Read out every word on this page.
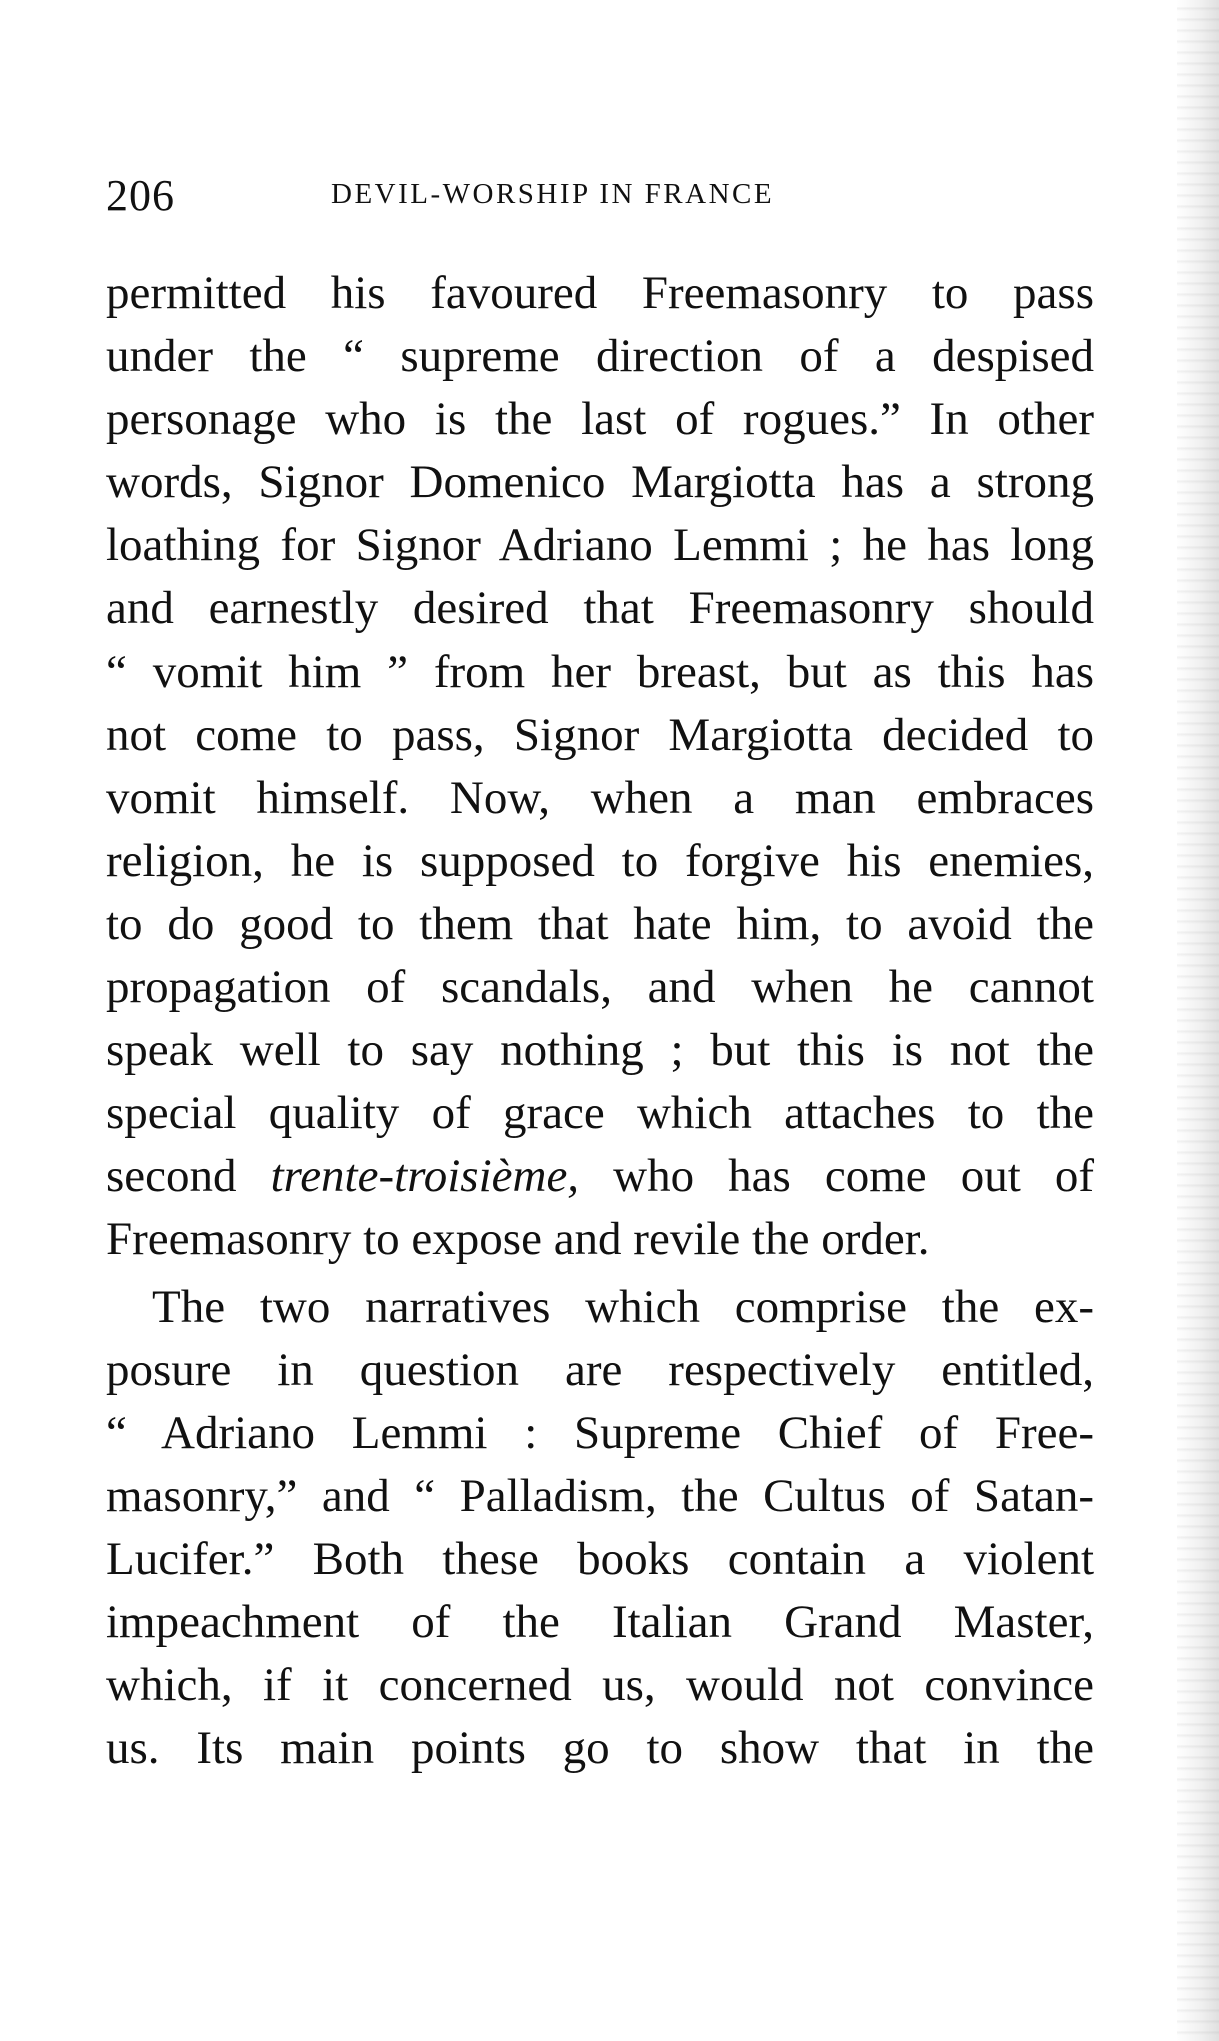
206	DEVIL-WORSHIP IN FRANCE
permitted his favoured Freemasonry to pass
under the “ supreme direction of a despised
personage who is the last of rogues.” In other
words, Signor Domenico Margiotta has a strong
loathing for Signor Adriano Lemmi ; he has long
and earnestly desired that Freemasonry should
“ vomit him ” from her breast, but as this has
not come to pass, Signor Margiotta decided to
vomit himself. Now, when a man embraces
religion, he is supposed to forgive his enemies,
to do good to them that hate him, to avoid the
propagation of scandals, and when he cannot
speak well to say nothing ; but this is not the
special quality of grace which attaches to the
second trente-troisième, who has come out of
Freemasonry to expose and revile the order.
The two narratives which comprise the ex-
posure in question are respectively entitled,
“ Adriano Lemmi : Supreme Chief of Free-
masonry,” and “ Palladism, the Cultus of Satan-
Lucifer.” Both these books contain a violent
impeachment of the Italian Grand Master,
which, if it concerned us, would not convince
us. Its main points go to show that in the
